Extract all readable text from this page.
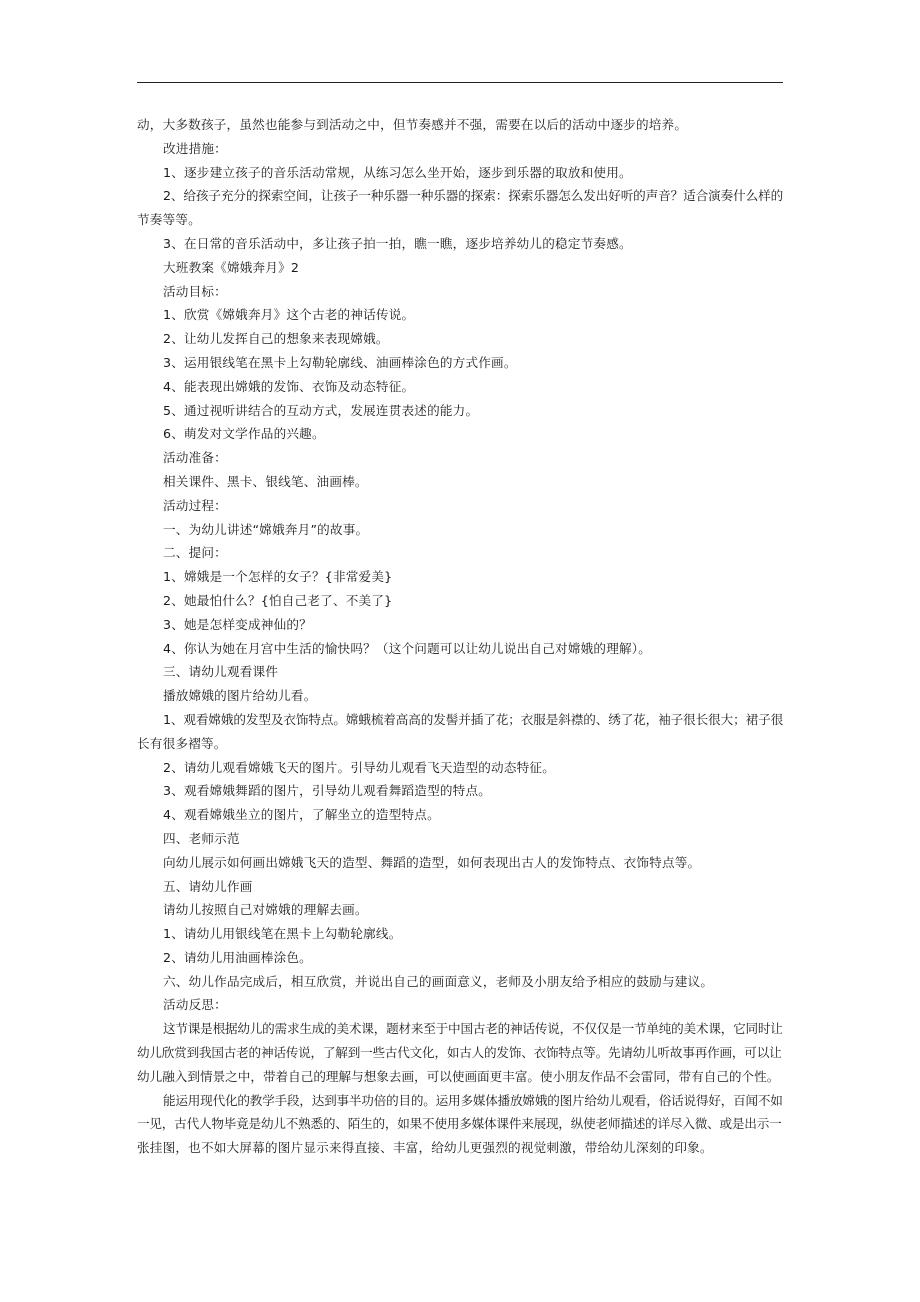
动，大多数孩子，虽然也能参与到活动之中，但节奏感并不强，需要在以后的活动中逐步的培养。

改进措施：

1、逐步建立孩子的音乐活动常规，从练习怎么坐开始，逐步到乐器的取放和使用。

2、给孩子充分的探索空间，让孩子一种乐器一种乐器的探索：探索乐器怎么发出好听的声音？适合演奏什么样的

节奏等等。

3、在日常的音乐活动中，多让孩子拍一拍，瞧一瞧，逐步培养幼儿的稳定节奏感。

大班教案《嫦娥奔月》2

活动目标：

1、欣赏《嫦娥奔月》这个古老的神话传说。

2、让幼儿发挥自己的想象来表现嫦娥。

3、运用银线笔在黑卡上勾勒轮廓线、油画棒涂色的方式作画。

4、能表现出嫦娥的发饰、衣饰及动态特征。

5、通过视听讲结合的互动方式，发展连贯表述的能力。

6、萌发对文学作品的兴趣。

活动准备：

相关课件、黑卡、银线笔、油画棒。

活动过程：

一、为幼儿讲述“嫦娥奔月”的故事。

二、提问：

1、嫦娥是一个怎样的女子？{非常爱美}

2、她最怕什么？{怕自己老了、不美了}

3、她是怎样变成神仙的？

4、你认为她在月宫中生活的愉快吗？（这个问题可以让幼儿说出自己对嫦娥的理解）。

三、请幼儿观看课件

播放嫦娥的图片给幼儿看。

1、观看嫦娥的发型及衣饰特点。嫦蛾梳着高高的发髻并插了花；衣服是斜襟的、绣了花，袖子很长很大；裙子很

长有很多褶等。

2、请幼儿观看嫦娥飞天的图片。引导幼儿观看飞天造型的动态特征。

3、观看嫦娥舞蹈的图片，引导幼儿观看舞蹈造型的特点。

4、观看嫦娥坐立的图片，了解坐立的造型特点。

四、老师示范

向幼儿展示如何画出嫦娥飞天的造型、舞蹈的造型，如何表现出古人的发饰特点、衣饰特点等。

五、请幼儿作画

请幼儿按照自己对嫦娥的理解去画。

1、请幼儿用银线笔在黑卡上勾勒轮廓线。

2、请幼儿用油画棒涂色。

六、幼儿作品完成后，相互欣赏，并说出自己的画面意义，老师及小朋友给予相应的鼓励与建议。

活动反思：

这节课是根据幼儿的需求生成的美术课，题材来至于中国古老的神话传说，不仅仅是一节单纯的美术课，它同时让

幼儿欣赏到我国古老的神话传说，了解到一些古代文化，如古人的发饰、衣饰特点等。先请幼儿听故事再作画，可以让

幼儿融入到情景之中，带着自己的理解与想象去画，可以使画面更丰富。使小朋友作品不会雷同，带有自己的个性。

能运用现代化的教学手段，达到事半功倍的目的。运用多媒体播放嫦娥的图片给幼儿观看，俗话说得好，百闻不如

一见，古代人物毕竟是幼儿不熟悉的、陌生的，如果不使用多媒体课件来展现，纵使老师描述的详尽入微、或是出示一

张挂图，也不如大屏幕的图片显示来得直接、丰富，给幼儿更强烈的视觉刺激，带给幼儿深刻的印象。
